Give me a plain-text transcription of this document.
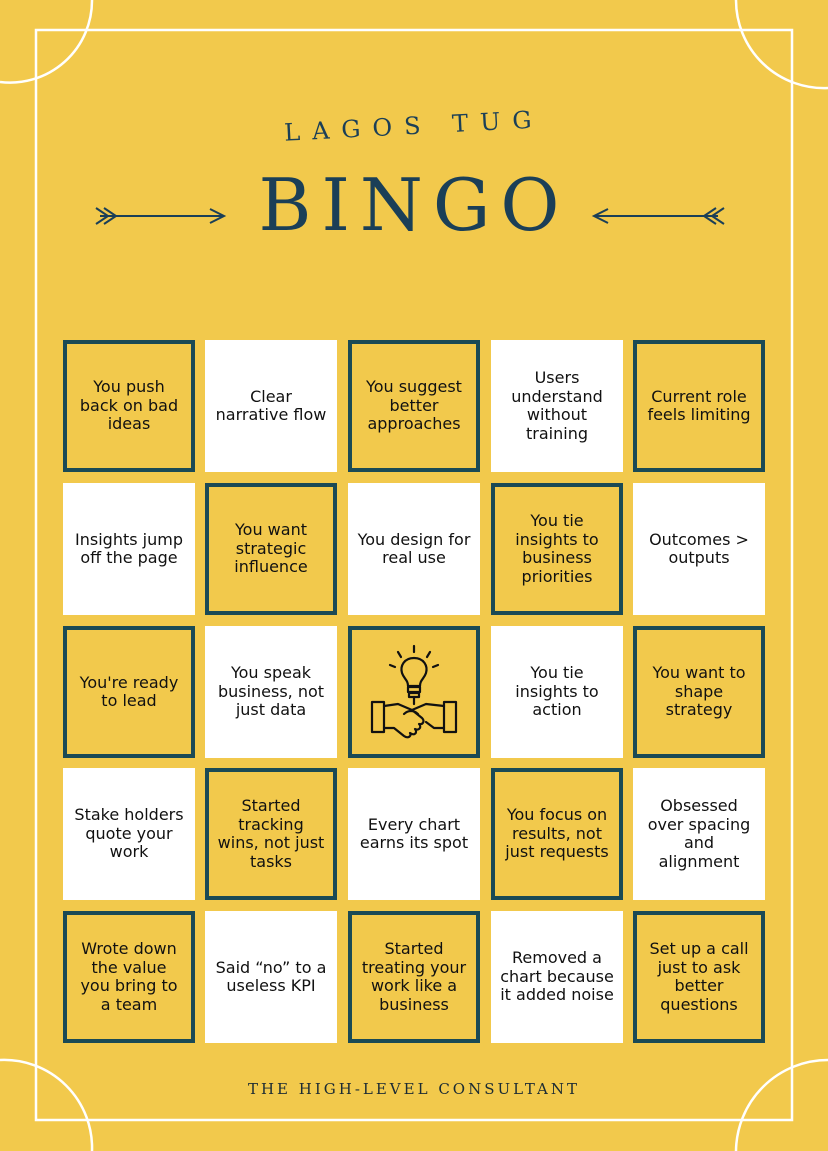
LAGOS TUG
BINGO
You push back on bad ideas
Clear narrative flow
You suggest better approaches
Users understand without training
Current role feels limiting
Insights jump off the page
You want strategic influence
You design for real use
You tie insights to business priorities
Outcomes > outputs
You're ready to lead
You speak business, not just data
You tie insights to action
You want to shape strategy
Stake holders quote your work
Started tracking wins, not just tasks
Every chart earns its spot
You focus on results, not just requests
Obsessed over spacing and alignment
Wrote down the value you bring to a team
Said “no” to a useless KPI
Started treating your work like a business
Removed a chart because it added noise
Set up a call just to ask better questions
THE HIGH-LEVEL CONSULTANT
